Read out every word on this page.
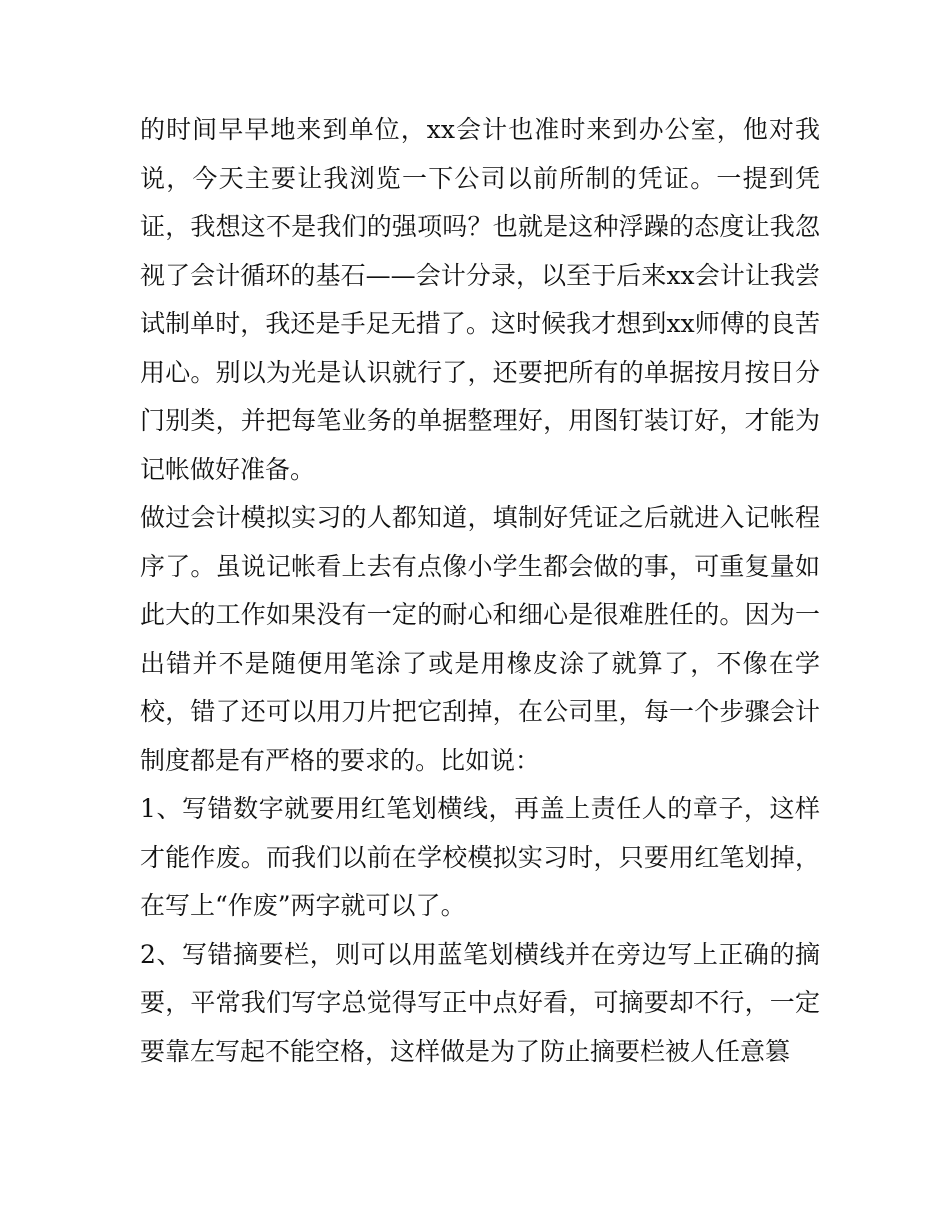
的时间早早地来到单位，xx会计也准时来到办公室，他对我说，今天主要让我浏览一下公司以前所制的凭证。一提到凭证，我想这不是我们的强项吗？也就是这种浮躁的态度让我忽视了会计循环的基石——会计分录，以至于后来xx会计让我尝试制单时，我还是手足无措了。这时候我才想到xx师傅的良苦用心。别以为光是认识就行了，还要把所有的单据按月按日分门别类，并把每笔业务的单据整理好，用图钉装订好，才能为记帐做好准备。

做过会计模拟实习的人都知道，填制好凭证之后就进入记帐程序了。虽说记帐看上去有点像小学生都会做的事，可重复量如此大的工作如果没有一定的耐心和细心是很难胜任的。因为一出错并不是随便用笔涂了或是用橡皮涂了就算了，不像在学校，错了还可以用刀片把它刮掉，在公司里，每一个步骤会计制度都是有严格的要求的。比如说：

1、写错数字就要用红笔划横线，再盖上责任人的章子，这样才能作废。而我们以前在学校模拟实习时，只要用红笔划掉，在写上“作废”两字就可以了。

2、写错摘要栏，则可以用蓝笔划横线并在旁边写上正确的摘要，平常我们写字总觉得写正中点好看，可摘要却不行，一定要靠左写起不能空格，这样做是为了防止摘要栏被人任意篡
